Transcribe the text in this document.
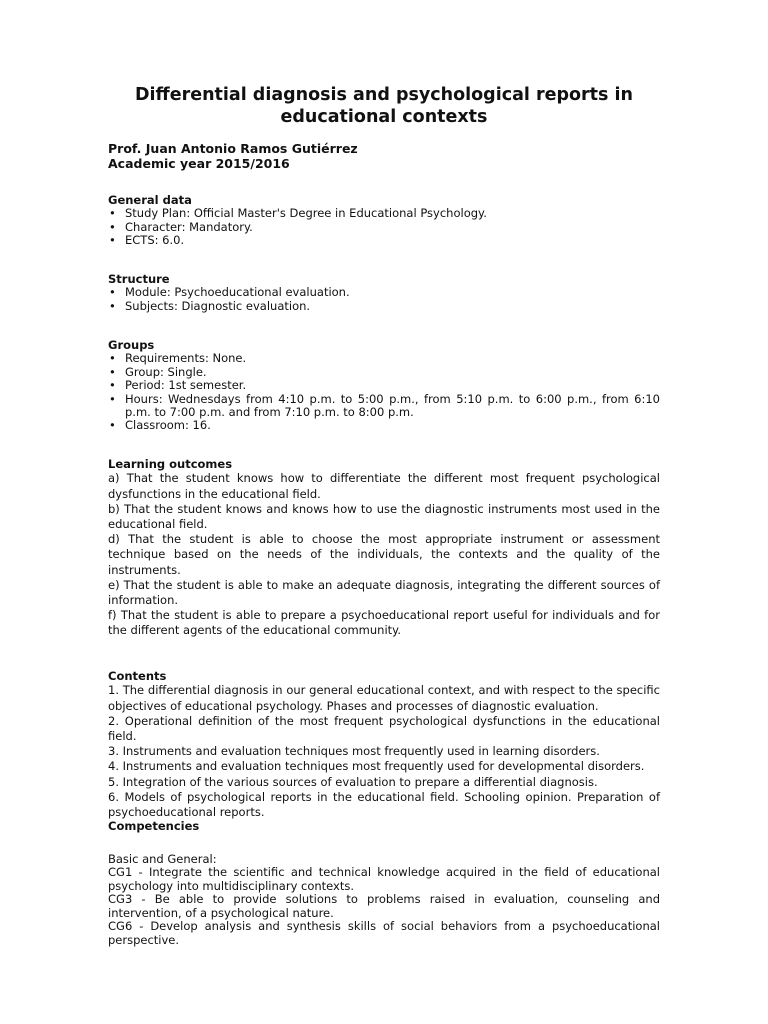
Differential diagnosis and psychological reports in educational contexts
Prof. Juan Antonio Ramos Gutiérrez
Academic year 2015/2016
General data
• Study Plan: Official Master's Degree in Educational Psychology.
• Character: Mandatory.
• ECTS: 6.0.
Structure
• Module: Psychoeducational evaluation.
• Subjects: Diagnostic evaluation.
Groups
• Requirements: None.
• Group: Single.
• Period: 1st semester.
• Hours: Wednesdays from 4:10 p.m. to 5:00 p.m., from 5:10 p.m. to 6:00 p.m., from 6:10 p.m. to 7:00 p.m. and from 7:10 p.m. to 8:00 p.m.
• Classroom: 16.
Learning outcomes
a) That the student knows how to differentiate the different most frequent psychological dysfunctions in the educational field.
b) That the student knows and knows how to use the diagnostic instruments most used in the educational field.
d) That the student is able to choose the most appropriate instrument or assessment technique based on the needs of the individuals, the contexts and the quality of the instruments.
e) That the student is able to make an adequate diagnosis, integrating the different sources of information.
f) That the student is able to prepare a psychoeducational report useful for individuals and for the different agents of the educational community.
Contents
1. The differential diagnosis in our general educational context, and with respect to the specific objectives of educational psychology. Phases and processes of diagnostic evaluation.
2. Operational definition of the most frequent psychological dysfunctions in the educational field.
3. Instruments and evaluation techniques most frequently used in learning disorders.
4. Instruments and evaluation techniques most frequently used for developmental disorders.
5. Integration of the various sources of evaluation to prepare a differential diagnosis.
6. Models of psychological reports in the educational field. Schooling opinion. Preparation of psychoeducational reports.
Competencies
Basic and General:
CG1 - Integrate the scientific and technical knowledge acquired in the field of educational psychology into multidisciplinary contexts.
CG3 - Be able to provide solutions to problems raised in evaluation, counseling and intervention, of a psychological nature.
CG6 - Develop analysis and synthesis skills of social behaviors from a psychoeducational perspective.
